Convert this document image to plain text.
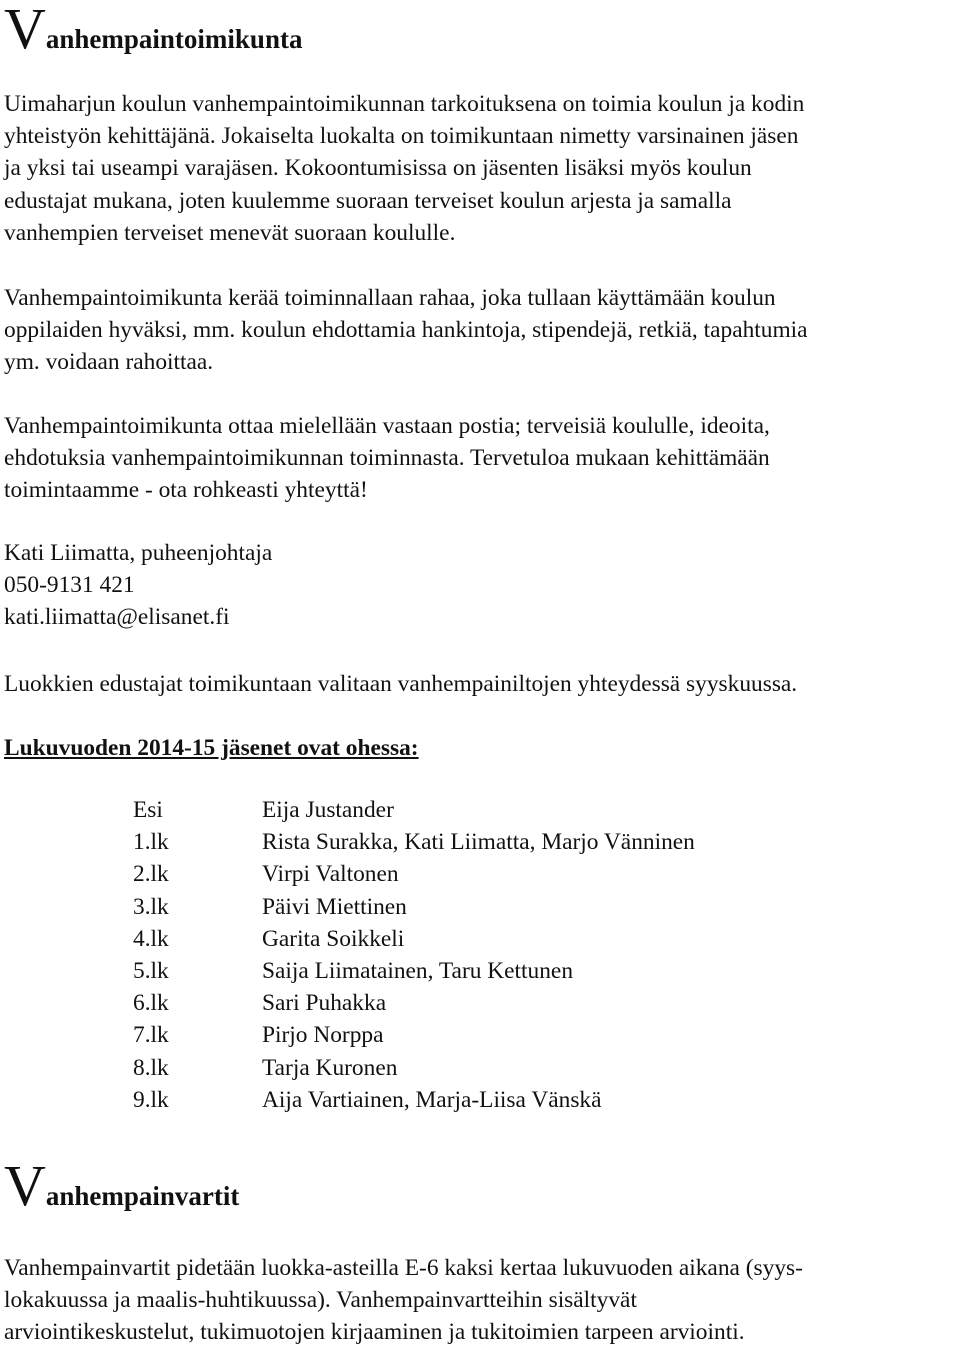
Vanhempaintoimikunta

Uimaharjun koulun vanhempaintoimikunnan tarkoituksena on toimia koulun ja kodin
yhteistyön kehittäjänä. Jokaiselta luokalta on toimikuntaan nimetty varsinainen jäsen
ja yksi tai useampi varajäsen. Kokoontumisissa on jäsenten lisäksi myös koulun
edustajat mukana, joten kuulemme suoraan terveiset koulun arjesta ja samalla
vanhempien terveiset menevät suoraan koululle.

Vanhempaintoimikunta kerää toiminnallaan rahaa, joka tullaan käyttämään koulun
oppilaiden hyväksi, mm. koulun ehdottamia hankintoja, stipendejä, retkiä, tapahtumia
ym. voidaan rahoittaa.

Vanhempaintoimikunta ottaa mielellään vastaan postia; terveisiä koululle, ideoita,
ehdotuksia vanhempaintoimikunnan toiminnasta. Tervetuloa mukaan kehittämään
toimintaamme - ota rohkeasti yhteyttä!

Kati Liimatta, puheenjohtaja
050-9131 421
kati.liimatta@elisanet.fi

Luokkien edustajat toimikuntaan valitaan vanhempainiltojen yhteydessä syyskuussa.

Lukuvuoden 2014-15 jäsenet ovat ohessa:

Esi	Eija Justander
1.lk	Rista Surakka, Kati Liimatta, Marjo Vänninen
2.lk	Virpi Valtonen
3.lk	Päivi Miettinen
4.lk	Garita Soikkeli
5.lk	Saija Liimatainen, Taru Kettunen
6.lk	Sari Puhakka
7.lk	Pirjo Norppa
8.lk	Tarja Kuronen
9.lk	Aija Vartiainen, Marja-Liisa Vänskä
Vanhempainvartit

Vanhempainvartit pidetään luokka-asteilla E-6 kaksi kertaa lukuvuoden aikana (syys-
lokakuussa ja maalis-huhtikuussa). Vanhempainvartteihin sisältyvät
arviointikeskustelut, tukimuotojen kirjaaminen ja tukitoimien tarpeen arviointi.
